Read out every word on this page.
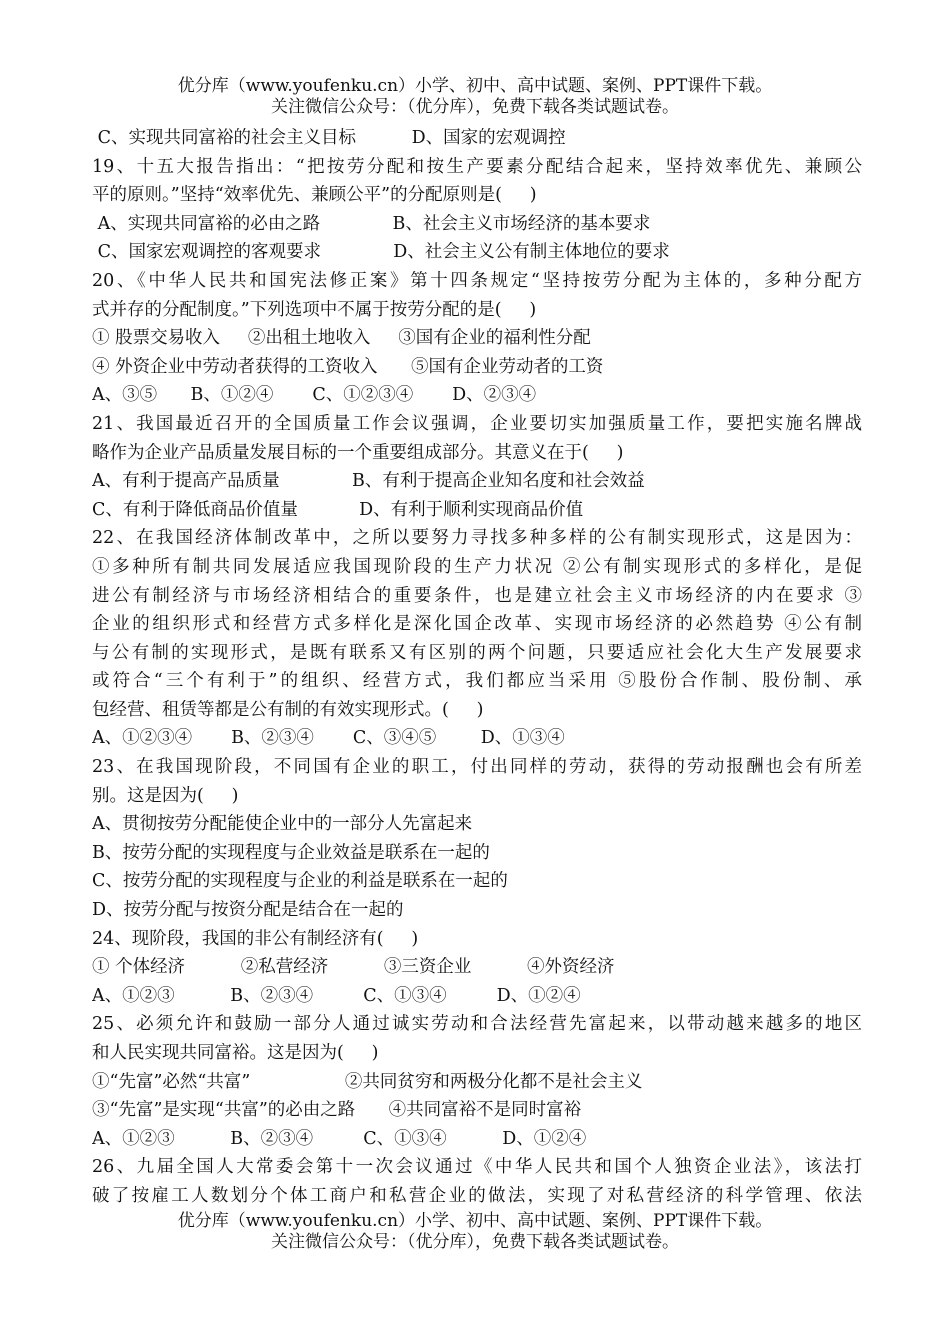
优分库（www.youfenku.cn）小学、初中、高中试题、案例、PPT课件下载。
关注微信公众号：（优分库），免费下载各类试题试卷。
C、实现共同富裕的社会主义目标          D、国家的宏观调控
19、十五大报告指出：“把按劳分配和按生产要素分配结合起来，坚持效率优先、兼顾公
平的原则。”坚持“效率优先、兼顾公平”的分配原则是(     )
A、实现共同富裕的必由之路             B、社会主义市场经济的基本要求
C、国家宏观调控的客观要求             D、社会主义公有制主体地位的要求
20、《中华人民共和国宪法修正案》第十四条规定“坚持按劳分配为主体的，多种分配方
式并存的分配制度。”下列选项中不属于按劳分配的是(     )
① 股票交易收入     ②出租土地收入     ③国有企业的福利性分配
④ 外资企业中劳动者获得的工资收入      ⑤国有企业劳动者的工资
A、③⑤      B、①②④       C、①②③④       D、②③④
21、我国最近召开的全国质量工作会议强调，企业要切实加强质量工作，要把实施名牌战
略作为企业产品质量发展目标的一个重要组成部分。其意义在于(     )
A、有利于提高产品质量             B、有利于提高企业知名度和社会效益
C、有利于降低商品价值量           D、有利于顺利实现商品价值
22、在我国经济体制改革中，之所以要努力寻找多种多样的公有制实现形式，这是因为：
①多种所有制共同发展适应我国现阶段的生产力状况 ②公有制实现形式的多样化，是促
进公有制经济与市场经济相结合的重要条件，也是建立社会主义市场经济的内在要求 ③
企业的组织形式和经营方式多样化是深化国企改革、实现市场经济的必然趋势 ④公有制
与公有制的实现形式，是既有联系又有区别的两个问题，只要适应社会化大生产发展要求
或符合“三个有利于”的组织、经营方式，我们都应当采用 ⑤股份合作制、股份制、承
包经营、租赁等都是公有制的有效实现形式。(     )
A、①②③④       B、②③④       C、③④⑤        D、①③④
23、在我国现阶段，不同国有企业的职工，付出同样的劳动，获得的劳动报酬也会有所差
别。这是因为(     )
A、贯彻按劳分配能使企业中的一部分人先富起来
B、按劳分配的实现程度与企业效益是联系在一起的
C、按劳分配的实现程度与企业的利益是联系在一起的
D、按劳分配与按资分配是结合在一起的
24、现阶段，我国的非公有制经济有(     )
① 个体经济          ②私营经济          ③三资企业          ④外资经济
A、①②③          B、②③④         C、①③④         D、①②④
25、必须允许和鼓励一部分人通过诚实劳动和合法经营先富起来，以带动越来越多的地区
和人民实现共同富裕。这是因为(     )
①“先富”必然“共富”                 ②共同贫穷和两极分化都不是社会主义
③“先富”是实现“共富”的必由之路      ④共同富裕不是同时富裕
A、①②③          B、②③④         C、①③④          D、①②④
26、九届全国人大常委会第十一次会议通过《中华人民共和国个人独资企业法》，该法打
破了按雇工人数划分个体工商户和私营企业的做法，实现了对私营经济的科学管理、依法
优分库（www.youfenku.cn）小学、初中、高中试题、案例、PPT课件下载。
关注微信公众号：（优分库），免费下载各类试题试卷。
